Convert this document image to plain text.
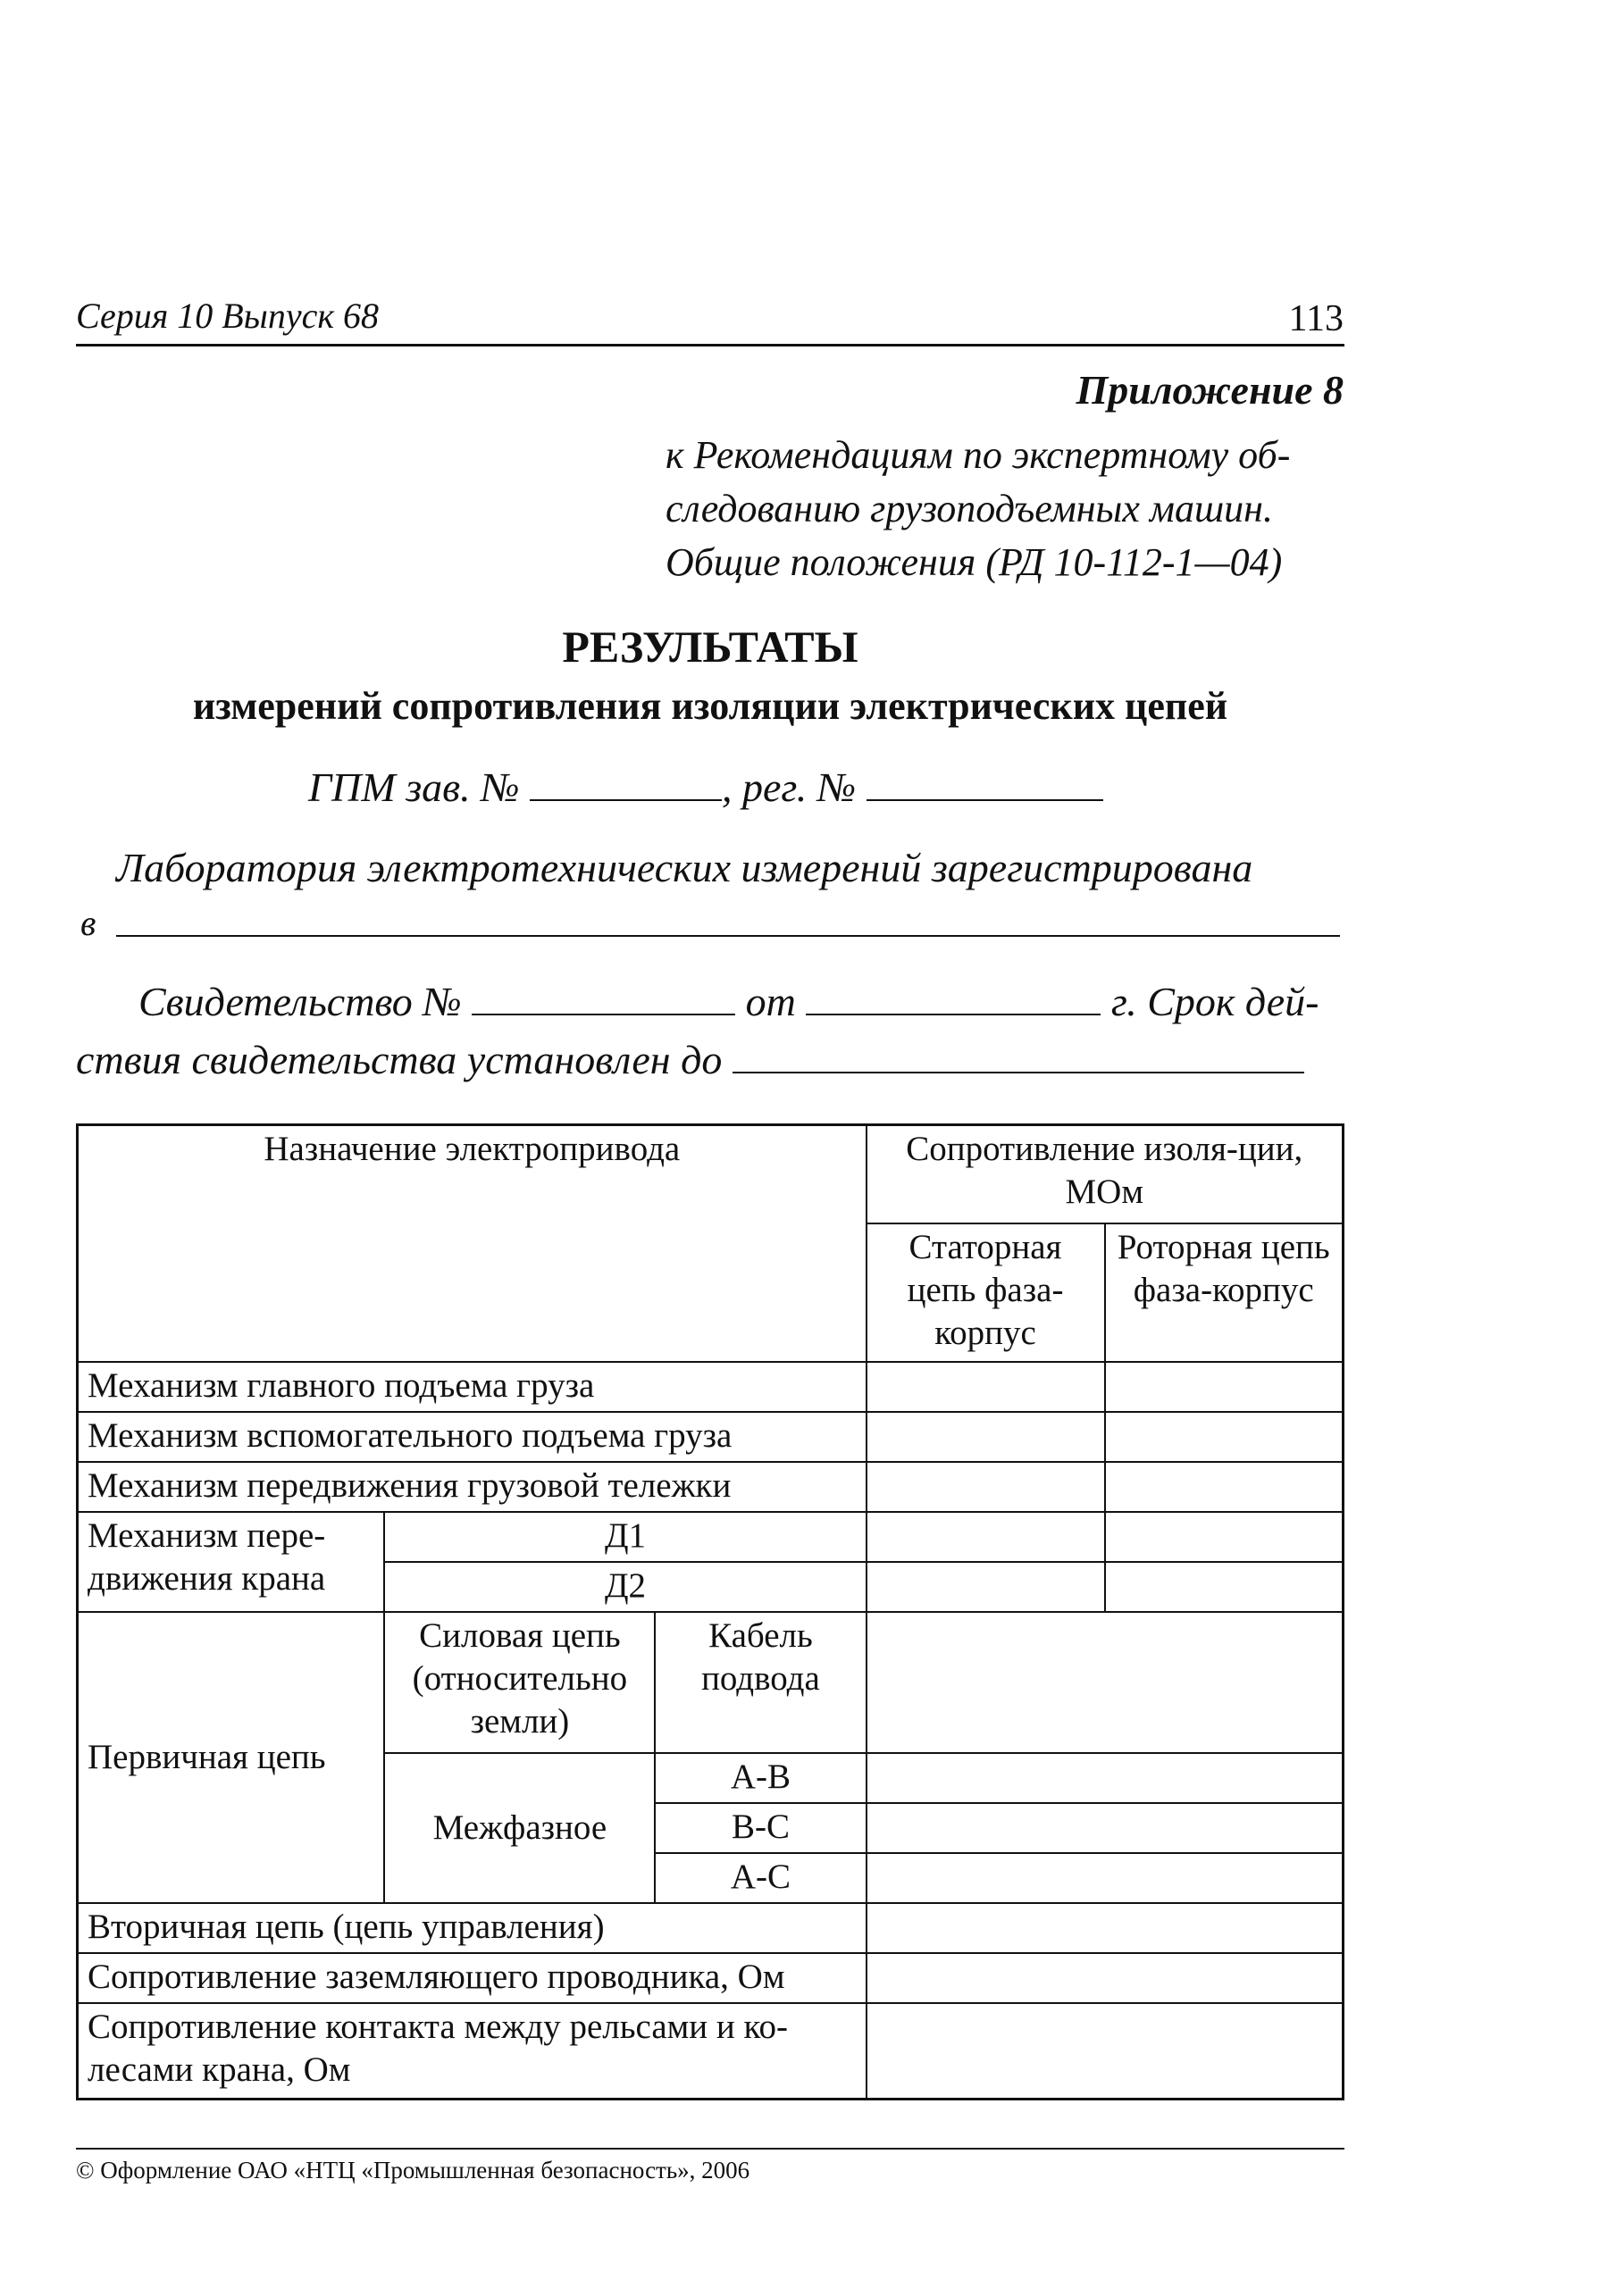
Серия 10 Выпуск 68	113
Приложение 8
к Рекомендациям по экспертному об-
следованию грузоподъемных машин.
Общие положения (РД 10-112-1—04)
РЕЗУЛЬТАТЫ
измерений сопротивления изоляции электрических цепей
ГПМ зав. №	, рег. №
Лаборатория электротехнических измерений зарегистрирована
в
Свидетельство №	от	г. Срок дей-
ствия свидетельства установлен до
Назначение электропривода			Сопротивление изоля-ции, МОм	
			Статорная цепь фаза-корпус	Роторная цепь фаза-корпус
Механизм главного подъема груза				
Механизм вспомогательного подъема груза				
Механизм передвижения грузовой тележки				
Механизм пере-движения крана	Д1			
	Д2			
Первичная цепь	Силовая цепь (относительно земли)	Кабель подвода		
	Межфазное	А-В		
		В-С		
		А-С		
Вторичная цепь (цепь управления)				
Сопротивление заземляющего проводника, Ом				
Сопротивление контакта между рельсами и ко-лесами крана, Ом				
© Оформление ОАО «НТЦ «Промышленная безопасность», 2006
